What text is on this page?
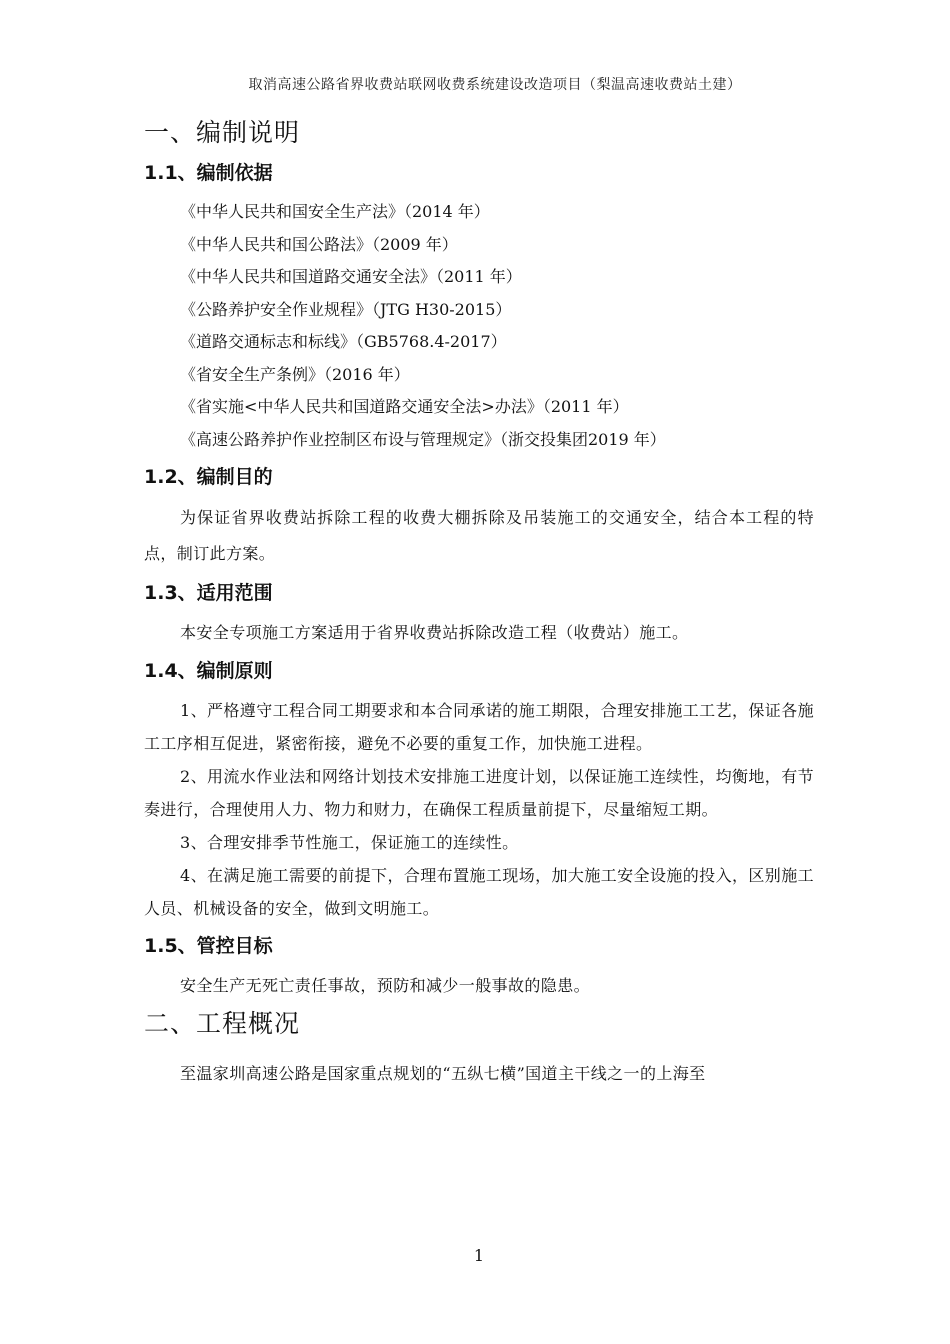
取消高速公路省界收费站联网收费系统建设改造项目（梨温高速收费站土建）
一、编制说明
1.1、编制依据
《中华人民共和国安全生产法》（2014 年）
《中华人民共和国公路法》（2009 年）
《中华人民共和国道路交通安全法》（2011 年）
《公路养护安全作业规程》（JTG H30-2015）
《道路交通标志和标线》（GB5768.4-2017）
《省安全生产条例》（2016 年）
《省实施<中华人民共和国道路交通安全法>办法》（2011 年）
《高速公路养护作业控制区布设与管理规定》（浙交投集团2019 年）
1.2、编制目的

为保证省界收费站拆除工程的收费大棚拆除及吊装施工的交通安全，结合本工程的特点，制订此方案。

1.3、适用范围

本安全专项施工方案适用于省界收费站拆除改造工程（收费站）施工。

1.4、编制原则

1、严格遵守工程合同工期要求和本合同承诺的施工期限，合理安排施工工艺，保证各施工工序相互促进，紧密衔接，避免不必要的重复工作，加快施工进程。

2、用流水作业法和网络计划技术安排施工进度计划，以保证施工连续性，均衡地，有节奏进行，合理使用人力、物力和财力，在确保工程质量前提下，尽量缩短工期。

3、合理安排季节性施工，保证施工的连续性。

4、在满足施工需要的前提下，合理布置施工现场，加大施工安全设施的投入，区别施工人员、机械设备的安全，做到文明施工。

1.5、管控目标

安全生产无死亡责任事故，预防和减少一般事故的隐患。

二、工程概况

至温家圳高速公路是国家重点规划的“五纵七横”国道主干线之一的上海至

1
